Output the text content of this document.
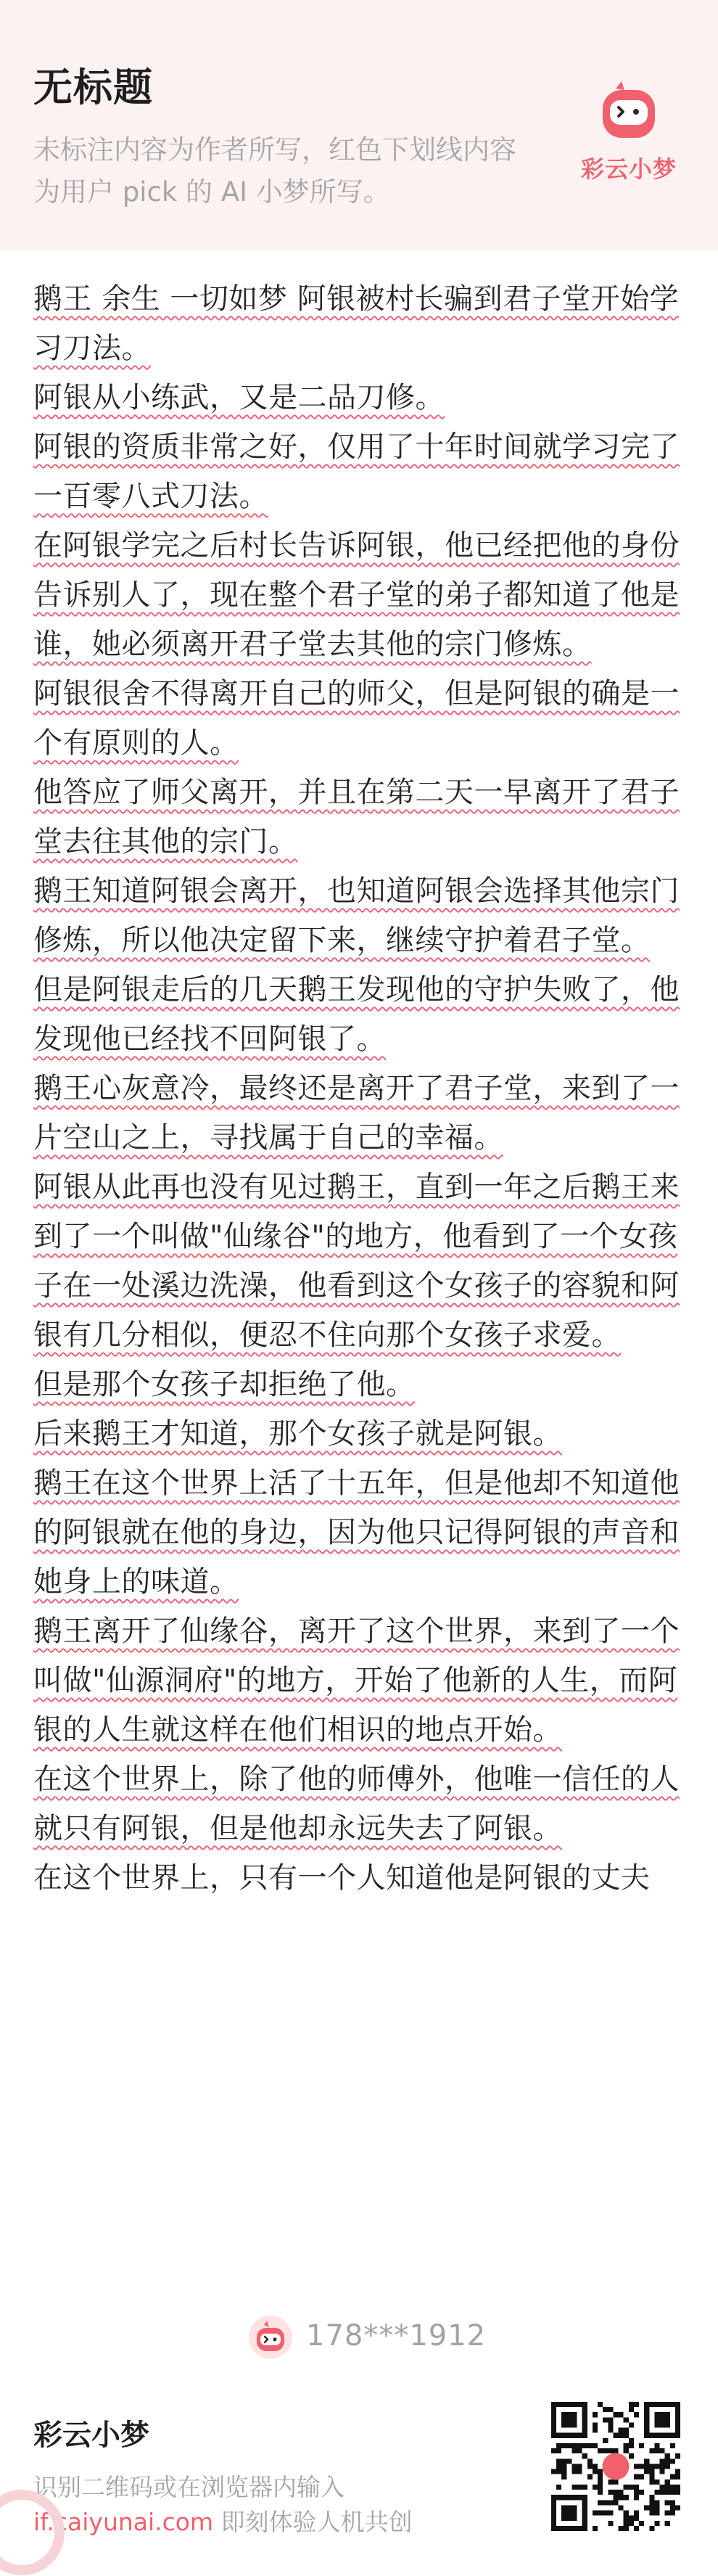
无标题
未标注内容为作者所写，红色下划线内容为用户 pick 的 AI 小梦所写。
彩云小梦

鹅王 余生 一切如梦 阿银被村长骗到君子堂开始学习刀法。

阿银从小练武，又是二品刀修。

阿银的资质非常之好，仅用了十年时间就学习完了一百零八式刀法。

在阿银学完之后村长告诉阿银，他已经把他的身份告诉别人了，现在整个君子堂的弟子都知道了他是谁，她必须离开君子堂去其他的宗门修炼。

阿银很舍不得离开自己的师父，但是阿银的确是一个有原则的人。

他答应了师父离开，并且在第二天一早离开了君子堂去往其他的宗门。

鹅王知道阿银会离开，也知道阿银会选择其他宗门修炼，所以他决定留下来，继续守护着君子堂。

但是阿银走后的几天鹅王发现他的守护失败了，他发现他已经找不回阿银了。

鹅王心灰意冷，最终还是离开了君子堂，来到了一片空山之上，寻找属于自己的幸福。

阿银从此再也没有见过鹅王，直到一年之后鹅王来到了一个叫做"仙缘谷"的地方，他看到了一个女孩子在一处溪边洗澡，他看到这个女孩子的容貌和阿银有几分相似，便忍不住向那个女孩子求爱。

但是那个女孩子却拒绝了他。

后来鹅王才知道，那个女孩子就是阿银。

鹅王在这个世界上活了十五年，但是他却不知道他的阿银就在他的身边，因为他只记得阿银的声音和她身上的味道。

鹅王离开了仙缘谷，离开了这个世界，来到了一个叫做"仙源洞府"的地方，开始了他新的人生，而阿银的人生就这样在他们相识的地点开始。

在这个世界上，除了他的师傅外，他唯一信任的人就只有阿银，但是他却永远失去了阿银。

在这个世界上，只有一个人知道他是阿银的丈夫

178***1912
彩云小梦
识别二维码或在浏览器内输入
if.caiyunai.com 即刻体验人机共创
